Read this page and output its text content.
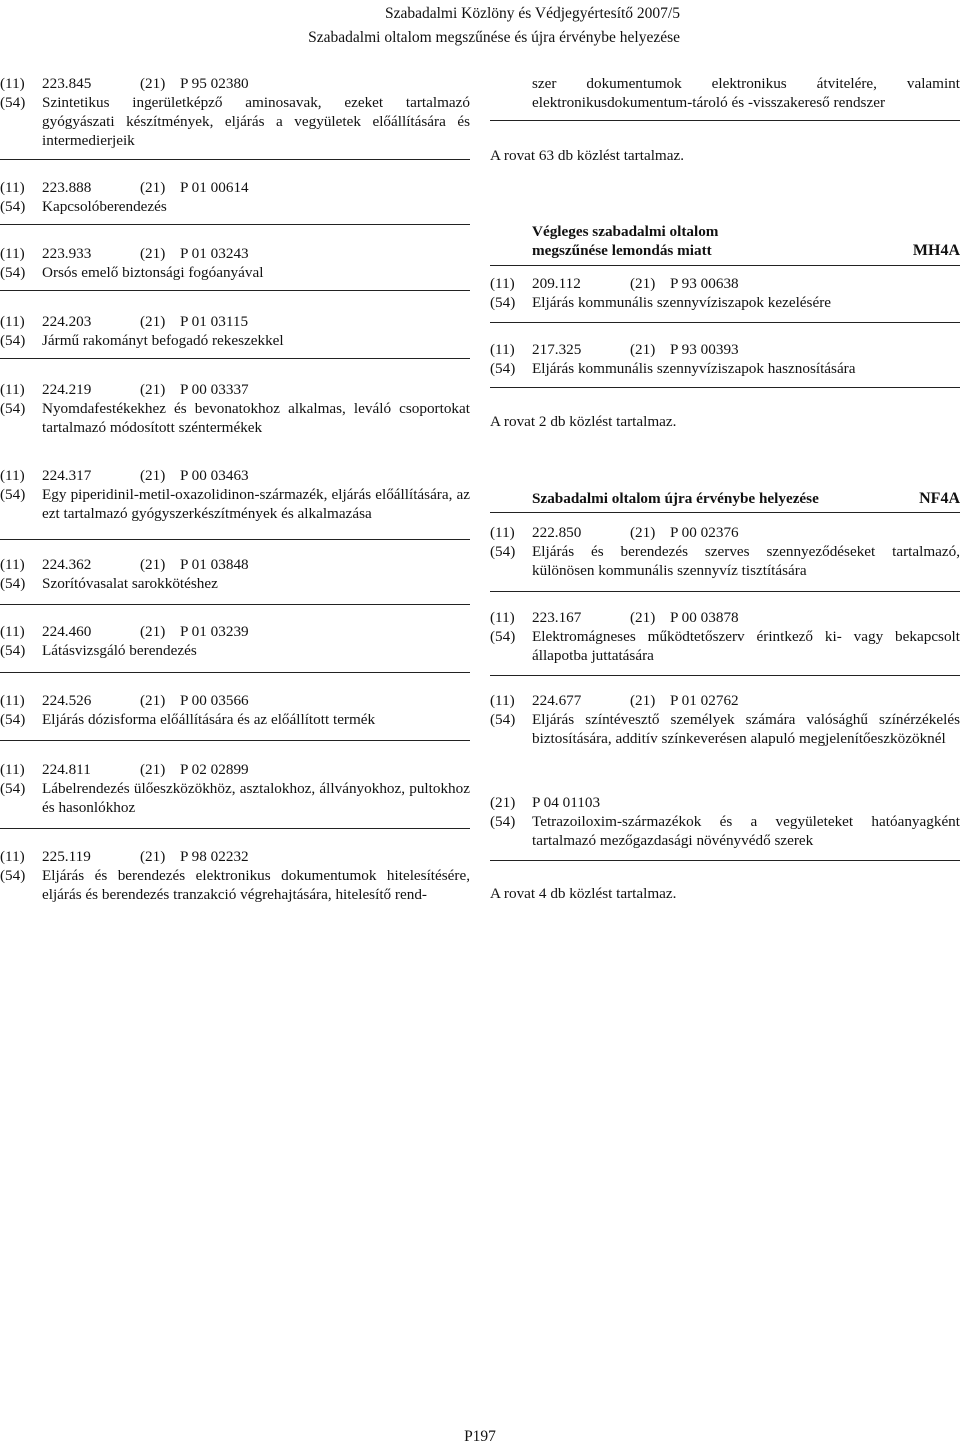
Szabadalmi Közlöny és Védjegyértesítő 2007/5
Szabadalmi oltalom megszűnése és újra érvénybe helyezése
(11)	223.845	(21) P 95 02380
(54)	Szintetikus ingerületképző aminosavak, ezeket tartalmazó gyógyászati készítmények, eljárás a vegyületek előállítására és intermedierjeik
(11)	223.888	(21) P 01 00614
(54)	Kapcsolóberendezés
(11)	223.933	(21) P 01 03243
(54)	Orsós emelő biztonsági fogóanyával
(11)	224.203	(21) P 01 03115
(54)	Jármű rakományt befogadó rekeszekkel
(11)	224.219	(21) P 00 03337
(54)	Nyomdafestékekhez és bevonatokhoz alkalmas, leváló csoportokat tartalmazó módosított széntermékek
(11)	224.317	(21) P 00 03463
(54)	Egy piperidinil-metil-oxazolidinon-származék, eljárás előállítására, az ezt tartalmazó gyógyszerkészítmények és alkalmazása
(11)	224.362	(21) P 01 03848
(54)	Szorítóvasalat sarokkötéshez
(11)	224.460	(21) P 01 03239
(54)	Látásvizsgáló berendezés
(11)	224.526	(21) P 00 03566
(54)	Eljárás dózisforma előállítására és az előállított termék
(11)	224.811	(21) P 02 02899
(54)	Lábelrendezés ülőeszközökhöz, asztalokhoz, állványokhoz, pultokhoz és hasonlókhoz
(11)	225.119	(21) P 98 02232
(54)	Eljárás és berendezés elektronikus dokumentumok hitelesítésére, eljárás és berendezés tranzakció végrehajtására, hitelesítő rend-
szer dokumentumok elektronikus átvitelére, valamint elektronikusdokumentum-tároló és -visszakereső rendszer
A rovat 63 db közlést tartalmaz.
Végleges szabadalmi oltalom
megszűnése lemondás miatt	MH4A
(11)	209.112	(21) P 93 00638
(54)	Eljárás kommunális szennyvíziszapok kezelésére
(11)	217.325	(21) P 93 00393
(54)	Eljárás kommunális szennyvíziszapok hasznosítására
A rovat 2 db közlést tartalmaz.
Szabadalmi oltalom újra érvénybe helyezése	NF4A
(11)	222.850	(21) P 00 02376
(54)	Eljárás és berendezés szerves szennyeződéseket tartalmazó, különösen kommunális szennyvíz tisztítására
(11)	223.167	(21) P 00 03878
(54)	Elektromágneses működtetőszerv érintkező ki- vagy bekapcsolt állapotba juttatására
(11)	224.677	(21) P 01 02762
(54)	Eljárás színtévesztő személyek számára valósághű színérzékelés biztosítására, additív színkeverésen alapuló megjelenítőeszközöknél
(21)	P 04 01103
(54)	Tetrazoiloxim-származékok és a vegyületeket hatóanyagként tartalmazó mezőgazdasági növényvédő szerek
A rovat 4 db közlést tartalmaz.
P197
